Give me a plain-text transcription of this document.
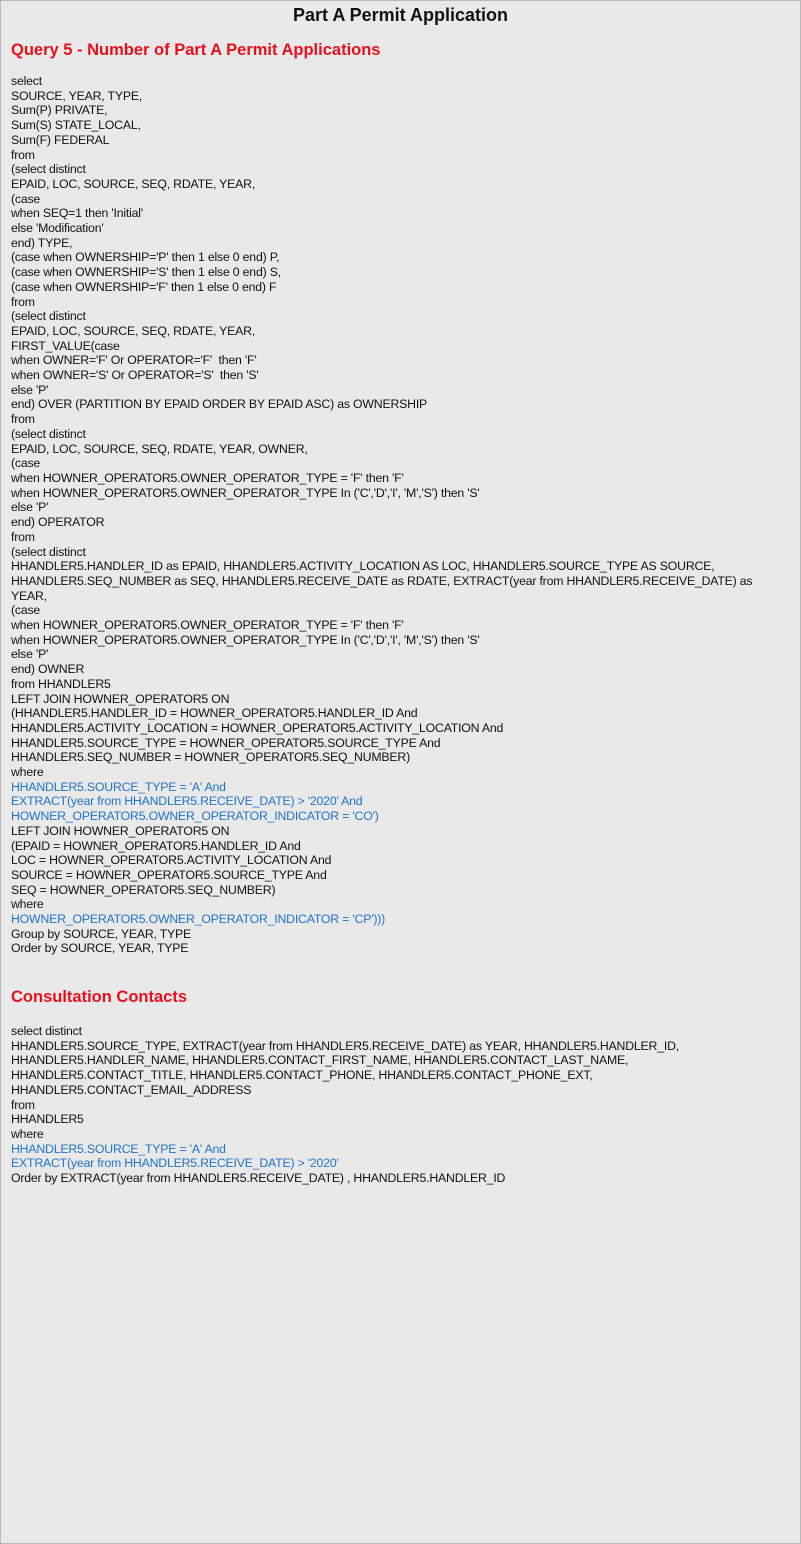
Part A Permit Application
Query 5 - Number of Part A Permit Applications
select
SOURCE, YEAR, TYPE,
Sum(P) PRIVATE,
Sum(S) STATE_LOCAL,
Sum(F) FEDERAL
from
(select distinct
EPAID, LOC, SOURCE, SEQ, RDATE, YEAR,
(case
when SEQ=1 then 'Initial'
else 'Modification'
end) TYPE,
(case when OWNERSHIP='P' then 1 else 0 end) P,
(case when OWNERSHIP='S' then 1 else 0 end) S,
(case when OWNERSHIP='F' then 1 else 0 end) F
from
(select distinct
EPAID, LOC, SOURCE, SEQ, RDATE, YEAR,
FIRST_VALUE(case
when OWNER='F' Or OPERATOR='F'  then 'F'
when OWNER='S' Or OPERATOR='S'  then 'S'
else 'P'
end) OVER (PARTITION BY EPAID ORDER BY EPAID ASC) as OWNERSHIP
from
(select distinct
EPAID, LOC, SOURCE, SEQ, RDATE, YEAR, OWNER,
(case
when HOWNER_OPERATOR5.OWNER_OPERATOR_TYPE = 'F' then 'F'
when HOWNER_OPERATOR5.OWNER_OPERATOR_TYPE In ('C','D','I', 'M','S') then 'S'
else 'P'
end) OPERATOR
from
(select distinct
HHANDLER5.HANDLER_ID as EPAID, HHANDLER5.ACTIVITY_LOCATION AS LOC, HHANDLER5.SOURCE_TYPE AS SOURCE,
HHANDLER5.SEQ_NUMBER as SEQ, HHANDLER5.RECEIVE_DATE as RDATE, EXTRACT(year from HHANDLER5.RECEIVE_DATE) as
YEAR,
(case
when HOWNER_OPERATOR5.OWNER_OPERATOR_TYPE = 'F' then 'F'
when HOWNER_OPERATOR5.OWNER_OPERATOR_TYPE In ('C','D','I', 'M','S') then 'S'
else 'P'
end) OWNER
from HHANDLER5
LEFT JOIN HOWNER_OPERATOR5 ON
(HHANDLER5.HANDLER_ID = HOWNER_OPERATOR5.HANDLER_ID And
HHANDLER5.ACTIVITY_LOCATION = HOWNER_OPERATOR5.ACTIVITY_LOCATION And
HHANDLER5.SOURCE_TYPE = HOWNER_OPERATOR5.SOURCE_TYPE And
HHANDLER5.SEQ_NUMBER = HOWNER_OPERATOR5.SEQ_NUMBER)
where
HHANDLER5.SOURCE_TYPE = 'A' And
EXTRACT(year from HHANDLER5.RECEIVE_DATE) > '2020' And
HOWNER_OPERATOR5.OWNER_OPERATOR_INDICATOR = 'CO')
LEFT JOIN HOWNER_OPERATOR5 ON
(EPAID = HOWNER_OPERATOR5.HANDLER_ID And
LOC = HOWNER_OPERATOR5.ACTIVITY_LOCATION And
SOURCE = HOWNER_OPERATOR5.SOURCE_TYPE And
SEQ = HOWNER_OPERATOR5.SEQ_NUMBER)
where
HOWNER_OPERATOR5.OWNER_OPERATOR_INDICATOR = 'CP')))
Group by SOURCE, YEAR, TYPE
Order by SOURCE, YEAR, TYPE
Consultation Contacts
select distinct
HHANDLER5.SOURCE_TYPE, EXTRACT(year from HHANDLER5.RECEIVE_DATE) as YEAR, HHANDLER5.HANDLER_ID,
HHANDLER5.HANDLER_NAME, HHANDLER5.CONTACT_FIRST_NAME, HHANDLER5.CONTACT_LAST_NAME,
HHANDLER5.CONTACT_TITLE, HHANDLER5.CONTACT_PHONE, HHANDLER5.CONTACT_PHONE_EXT,
HHANDLER5.CONTACT_EMAIL_ADDRESS
from
HHANDLER5
where
HHANDLER5.SOURCE_TYPE = 'A' And
EXTRACT(year from HHANDLER5.RECEIVE_DATE) > '2020'
Order by EXTRACT(year from HHANDLER5.RECEIVE_DATE) , HHANDLER5.HANDLER_ID
